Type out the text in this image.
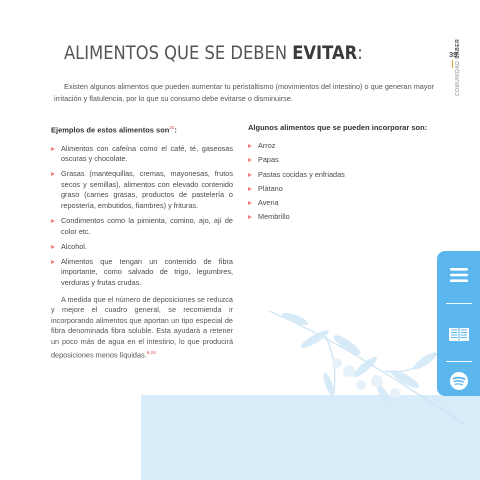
ALIMENTOS QUE SE DEBEN EVITAR:	39
COMUNIDAD SABER

Existen algunos alimentos que pueden aumentar tu peristaltismo (movimientos del intestino) o que generan mayor irritación y flatulencia, por lo que su consumo debe evitarse o disminuirse.

Ejemplos de estos alimentos son$^{25}$:

Alimentos con cafeína como el café, té, gaseosas oscuras y chocolate.
Grasas (mantequillas, cremas, mayonesas, frutos secos y semillas), alimentos con elevado contenido graso (carnes grasas, productos de pastelería o repostería, embutidos, fiambres) y frituras.
Condimentos como la pimienta, comino, ajo, ají de color etc.
Alcohol.
Alimentos que tengan un contenido de fibra importante, como salvado de trigo, legumbres, verduras y frutas crudas.

A medida que el número de deposiciones se reduzca y mejore el cuadro general, se recomienda ir incorporando alimentos que aportan un tipo especial de fibra denominada fibra soluble. Esta ayudará a retener un poco más de agua en el intestino, lo que producirá deposiciones menos líquidas.$^{6-24}$

Algunos alimentos que se pueden incorporar son:

Arroz
Papas
Pastas cocidas y enfriadas
Plátano
Avena
Membrillo
